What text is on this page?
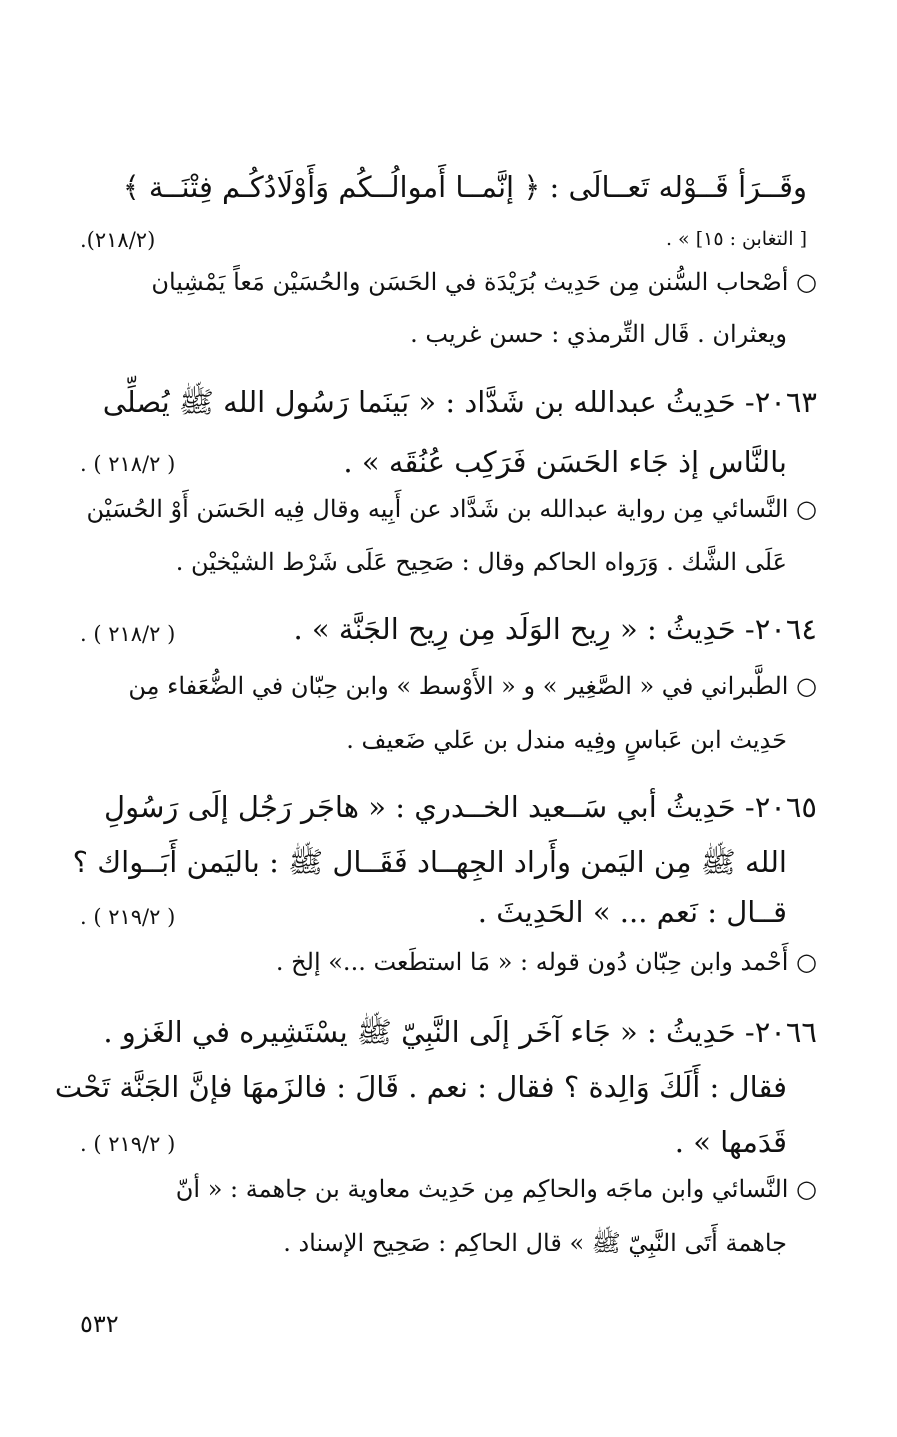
وقَــرَأ قَــوْله تَعــالَى : ﴿ إنَّمــا أَموالُــكُم وَأَوْلَادُكُـم فِتْنَــة ﴾
[ التغابن : ١٥] » .
(٢١٨/٢).
○ أصْحاب السُّنن مِن حَدِيث بُرَيْدَة في الحَسَن والحُسَيْن مَعاً يَمْشِيان
ويعثران . قَال التِّرمذي : حسن غريب .
٢٠٦٣- حَدِيثُ عبدالله بن شَدَّاد : « بَينَما رَسُول الله ﷺ يُصلِّى
بالنَّاس إذ جَاء الحَسَن فَرَكِب عُنُقَه » .
( ٢١٨/٢ ) .
○ النَّسائي مِن رواية عبدالله بن شَدَّاد عن أَبِيه وقال فِيه الحَسَن أَوْ الحُسَيْن
عَلَى الشَّك . وَرَواه الحاكم وقال : صَحِيح عَلَى شَرْط الشيْخيْن .
٢٠٦٤- حَدِيثُ : « رِيح الوَلَد مِن رِيح الجَنَّة » .
( ٢١٨/٢ ) .
○ الطَّبراني في « الصَّغِير » و « الأَوْسط » وابن حِبّان في الضُّعَفاء مِن
حَدِيث ابن عَباسٍ وفِيه مندل بن عَلي ضَعيف .
٢٠٦٥- حَدِيثُ أبي سَــعيد الخــدري : « هاجَر رَجُل إلَى رَسُولِ
الله ﷺ مِن اليَمن وأَراد الجِهــاد فَقَــال ﷺ : باليَمن أَبَــواك ؟
قــال : نَعم ... » الحَدِيثَ .
( ٢١٩/٢ ) .
○ أَحْمد وابن حِبّان دُون قوله : « مَا استطَعت ...» إلخ .
٢٠٦٦- حَدِيثُ : « جَاء آخَر إلَى النَّبِيّ ﷺ يسْتَشِيره في الغَزو .
فقال : أَلَكَ وَالِدة ؟ فقال : نعم . قَالَ : فالزَمهَا فإنَّ الجَنَّة تَحْت
قَدَمها » .
( ٢١٩/٢ ) .
○ النَّسائي وابن ماجَه والحاكِم مِن حَدِيث معاوية بن جاهمة : « أنّ
جاهمة أَتَى النَّبِيّ ﷺ » قال الحاكِم : صَحِيح الإسناد .
٥٣٢
